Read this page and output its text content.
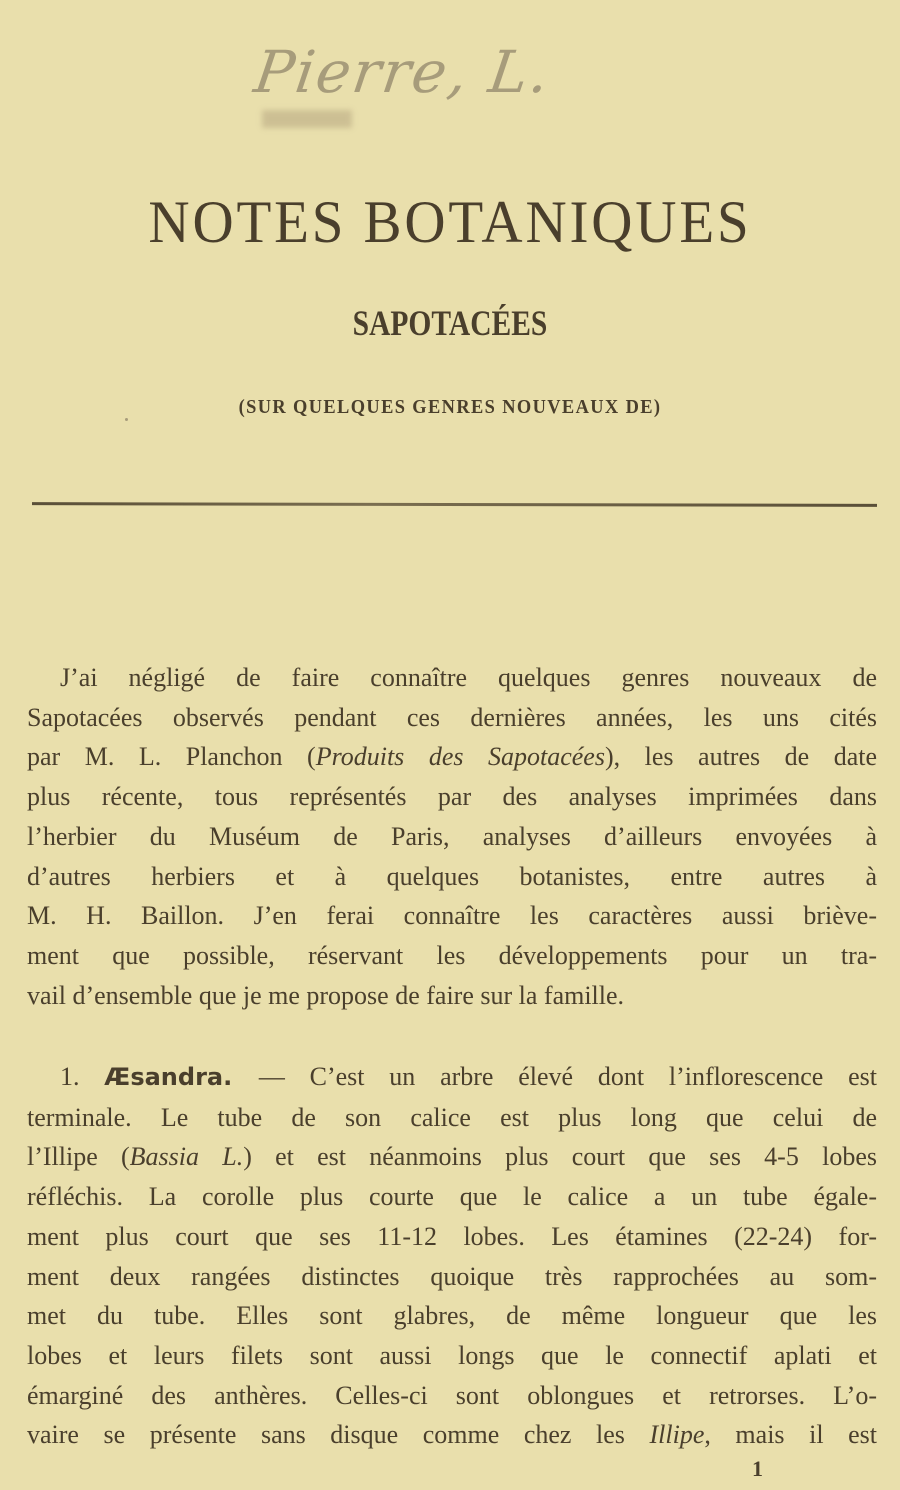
Pierre, L.
NOTES BOTANIQUES
SAPOTACÉES
(SUR QUELQUES GENRES NOUVEAUX DE)
J’ai négligé de faire connaître quelques genres nouveaux de
Sapotacées observés pendant ces dernières années, les uns cités
par M. L. Planchon (Produits des Sapotacées), les autres de date
plus récente, tous représentés par des analyses imprimées dans
l’herbier du Muséum de Paris, analyses d’ailleurs envoyées à
d’autres herbiers et à quelques botanistes, entre autres à
M. H. Baillon. J’en ferai connaître les caractères aussi briève-
ment que possible, réservant les développements pour un tra-
vail d’ensemble que je me propose de faire sur la famille.
1. Æsandra. — C’est un arbre élevé dont l’inflorescence est
terminale. Le tube de son calice est plus long que celui de
l’Illipe (Bassia L.) et est néanmoins plus court que ses 4-5 lobes
réfléchis. La corolle plus courte que le calice a un tube égale-
ment plus court que ses 11-12 lobes. Les étamines (22-24) for-
ment deux rangées distinctes quoique très rapprochées au som-
met du tube. Elles sont glabres, de même longueur que les
lobes et leurs filets sont aussi longs que le connectif aplati et
émarginé des anthères. Celles-ci sont oblongues et retrorses. L’o-
vaire se présente sans disque comme chez les Illipe, mais il est
1
